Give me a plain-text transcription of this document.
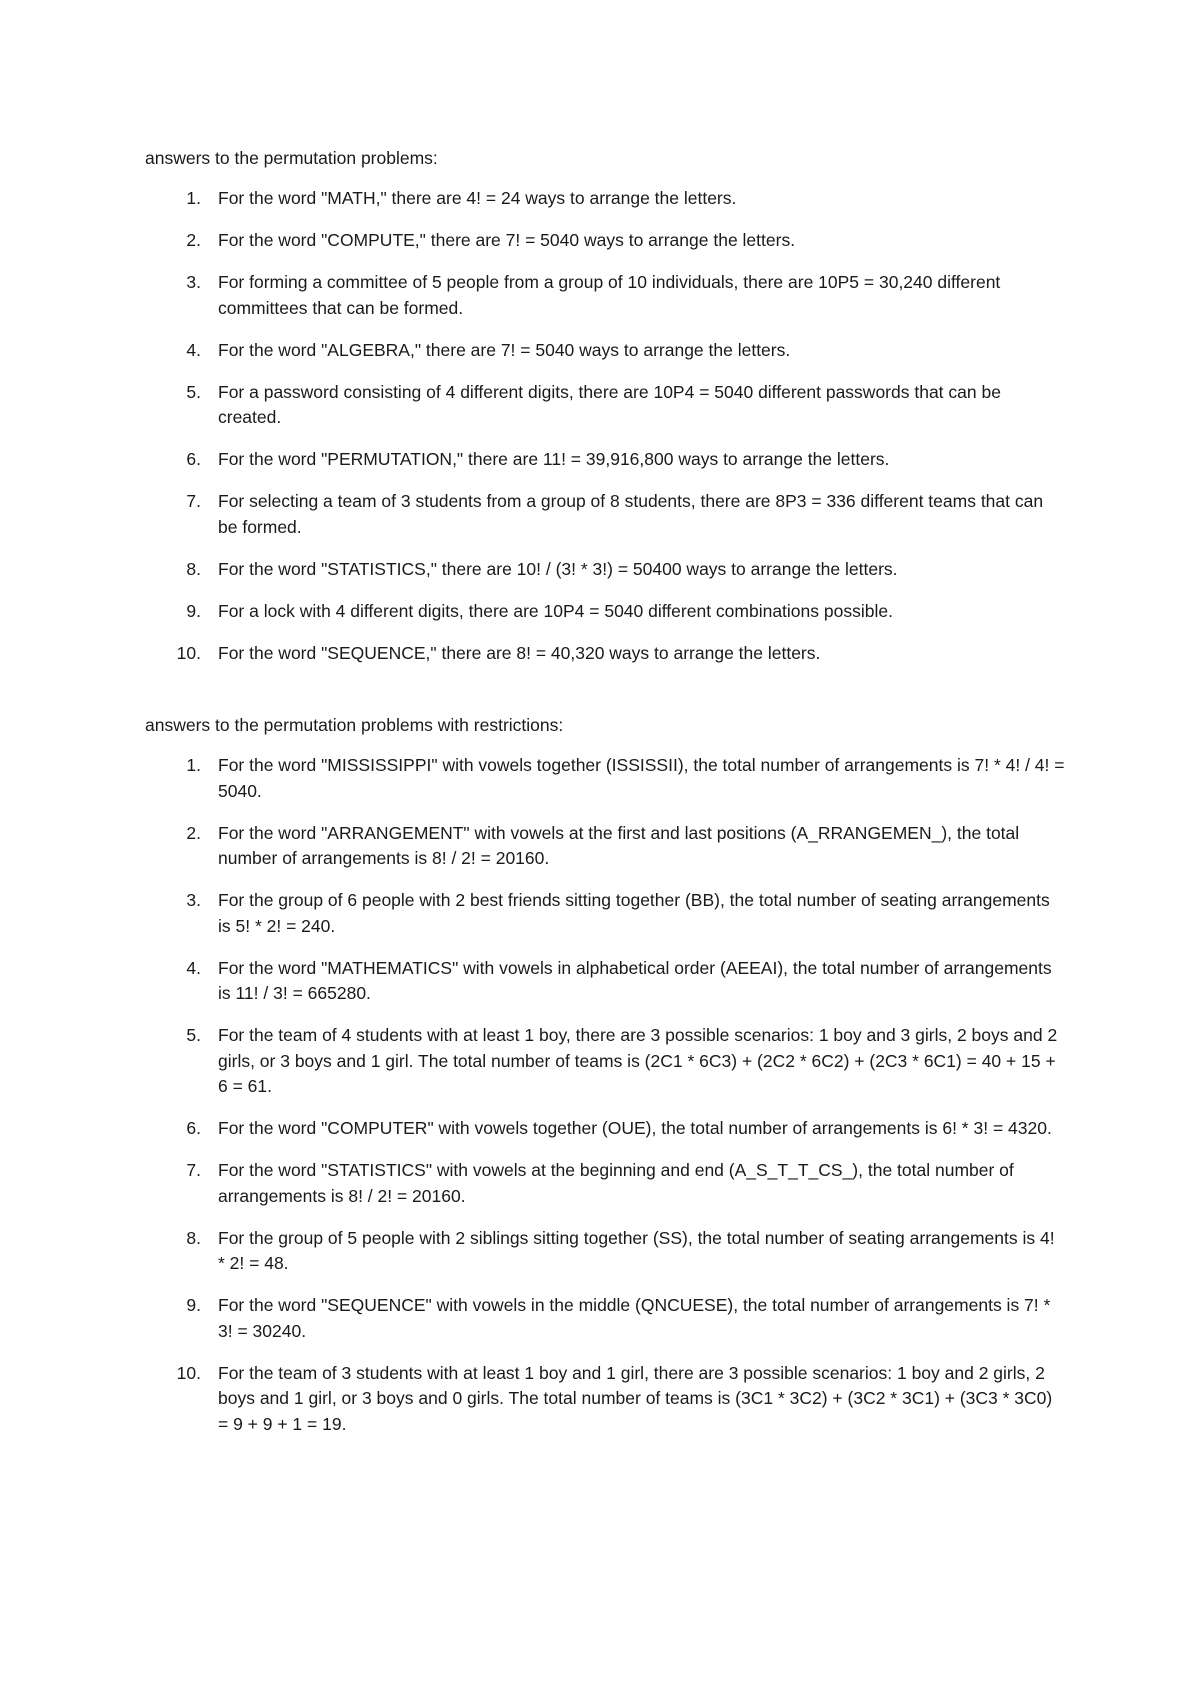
answers to the permutation problems:

1. For the word "MATH," there are 4! = 24 ways to arrange the letters.
2. For the word "COMPUTE," there are 7! = 5040 ways to arrange the letters.
3. For forming a committee of 5 people from a group of 10 individuals, there are 10P5 = 30,240 different committees that can be formed.
4. For the word "ALGEBRA," there are 7! = 5040 ways to arrange the letters.
5. For a password consisting of 4 different digits, there are 10P4 = 5040 different passwords that can be created.
6. For the word "PERMUTATION," there are 11! = 39,916,800 ways to arrange the letters.
7. For selecting a team of 3 students from a group of 8 students, there are 8P3 = 336 different teams that can be formed.
8. For the word "STATISTICS," there are 10! / (3! * 3!) = 50400 ways to arrange the letters.
9. For a lock with 4 different digits, there are 10P4 = 5040 different combinations possible.
10. For the word "SEQUENCE," there are 8! = 40,320 ways to arrange the letters.

answers to the permutation problems with restrictions:

1. For the word "MISSISSIPPI" with vowels together (ISSISSII), the total number of arrangements is 7! * 4! / 4! = 5040.
2. For the word "ARRANGEMENT" with vowels at the first and last positions (A_RRANGEMEN_), the total number of arrangements is 8! / 2! = 20160.
3. For the group of 6 people with 2 best friends sitting together (BB), the total number of seating arrangements is 5! * 2! = 240.
4. For the word "MATHEMATICS" with vowels in alphabetical order (AEEAI), the total number of arrangements is 11! / 3! = 665280.
5. For the team of 4 students with at least 1 boy, there are 3 possible scenarios: 1 boy and 3 girls, 2 boys and 2 girls, or 3 boys and 1 girl. The total number of teams is (2C1 * 6C3) + (2C2 * 6C2) + (2C3 * 6C1) = 40 + 15 + 6 = 61.
6. For the word "COMPUTER" with vowels together (OUE), the total number of arrangements is 6! * 3! = 4320.
7. For the word "STATISTICS" with vowels at the beginning and end (A_S_T_T_CS_), the total number of arrangements is 8! / 2! = 20160.
8. For the group of 5 people with 2 siblings sitting together (SS), the total number of seating arrangements is 4! * 2! = 48.
9. For the word "SEQUENCE" with vowels in the middle (QNCUESE), the total number of arrangements is 7! * 3! = 30240.
10. For the team of 3 students with at least 1 boy and 1 girl, there are 3 possible scenarios: 1 boy and 2 girls, 2 boys and 1 girl, or 3 boys and 0 girls. The total number of teams is (3C1 * 3C2) + (3C2 * 3C1) + (3C3 * 3C0) = 9 + 9 + 1 = 19.
